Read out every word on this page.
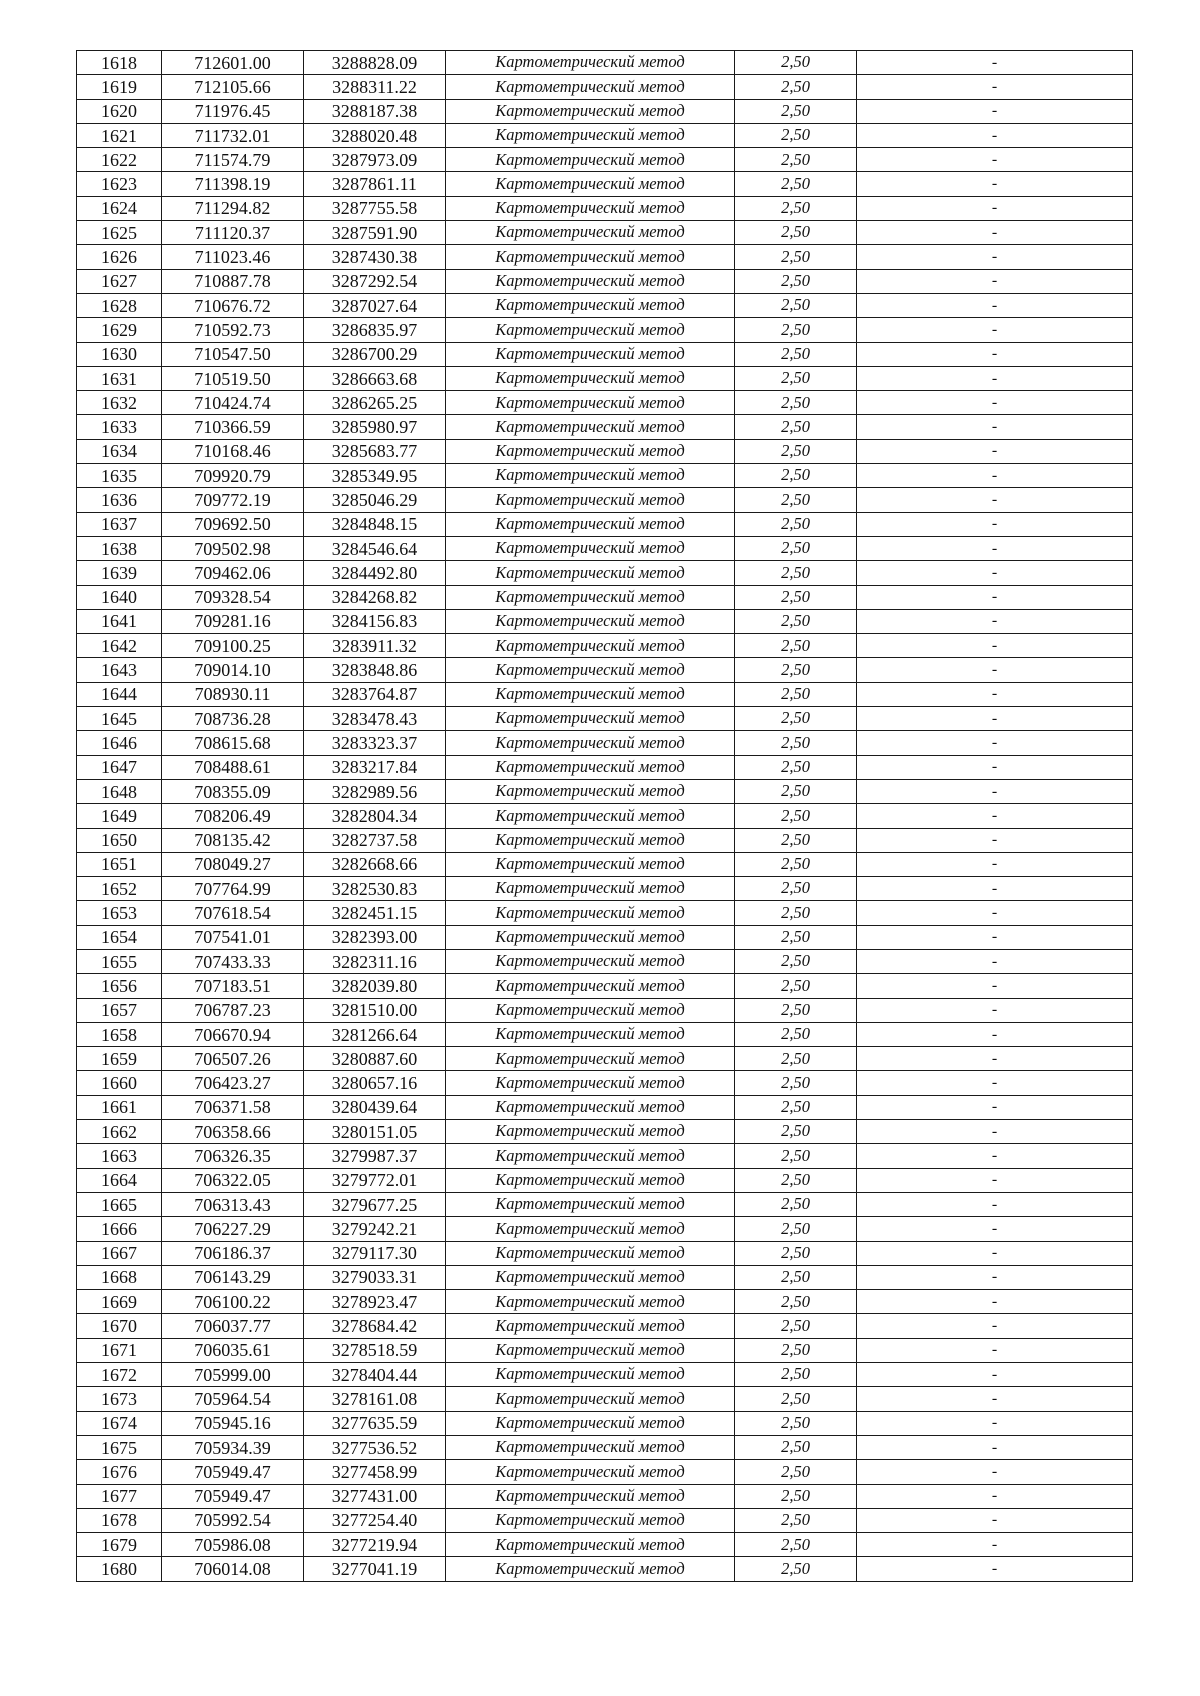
1618	712601.00	3288828.09	Картометрический метод	2,50	-
1619	712105.66	3288311.22	Картометрический метод	2,50	-
1620	711976.45	3288187.38	Картометрический метод	2,50	-
1621	711732.01	3288020.48	Картометрический метод	2,50	-
1622	711574.79	3287973.09	Картометрический метод	2,50	-
1623	711398.19	3287861.11	Картометрический метод	2,50	-
1624	711294.82	3287755.58	Картометрический метод	2,50	-
1625	711120.37	3287591.90	Картометрический метод	2,50	-
1626	711023.46	3287430.38	Картометрический метод	2,50	-
1627	710887.78	3287292.54	Картометрический метод	2,50	-
1628	710676.72	3287027.64	Картометрический метод	2,50	-
1629	710592.73	3286835.97	Картометрический метод	2,50	-
1630	710547.50	3286700.29	Картометрический метод	2,50	-
1631	710519.50	3286663.68	Картометрический метод	2,50	-
1632	710424.74	3286265.25	Картометрический метод	2,50	-
1633	710366.59	3285980.97	Картометрический метод	2,50	-
1634	710168.46	3285683.77	Картометрический метод	2,50	-
1635	709920.79	3285349.95	Картометрический метод	2,50	-
1636	709772.19	3285046.29	Картометрический метод	2,50	-
1637	709692.50	3284848.15	Картометрический метод	2,50	-
1638	709502.98	3284546.64	Картометрический метод	2,50	-
1639	709462.06	3284492.80	Картометрический метод	2,50	-
1640	709328.54	3284268.82	Картометрический метод	2,50	-
1641	709281.16	3284156.83	Картометрический метод	2,50	-
1642	709100.25	3283911.32	Картометрический метод	2,50	-
1643	709014.10	3283848.86	Картометрический метод	2,50	-
1644	708930.11	3283764.87	Картометрический метод	2,50	-
1645	708736.28	3283478.43	Картометрический метод	2,50	-
1646	708615.68	3283323.37	Картометрический метод	2,50	-
1647	708488.61	3283217.84	Картометрический метод	2,50	-
1648	708355.09	3282989.56	Картометрический метод	2,50	-
1649	708206.49	3282804.34	Картометрический метод	2,50	-
1650	708135.42	3282737.58	Картометрический метод	2,50	-
1651	708049.27	3282668.66	Картометрический метод	2,50	-
1652	707764.99	3282530.83	Картометрический метод	2,50	-
1653	707618.54	3282451.15	Картометрический метод	2,50	-
1654	707541.01	3282393.00	Картометрический метод	2,50	-
1655	707433.33	3282311.16	Картометрический метод	2,50	-
1656	707183.51	3282039.80	Картометрический метод	2,50	-
1657	706787.23	3281510.00	Картометрический метод	2,50	-
1658	706670.94	3281266.64	Картометрический метод	2,50	-
1659	706507.26	3280887.60	Картометрический метод	2,50	-
1660	706423.27	3280657.16	Картометрический метод	2,50	-
1661	706371.58	3280439.64	Картометрический метод	2,50	-
1662	706358.66	3280151.05	Картометрический метод	2,50	-
1663	706326.35	3279987.37	Картометрический метод	2,50	-
1664	706322.05	3279772.01	Картометрический метод	2,50	-
1665	706313.43	3279677.25	Картометрический метод	2,50	-
1666	706227.29	3279242.21	Картометрический метод	2,50	-
1667	706186.37	3279117.30	Картометрический метод	2,50	-
1668	706143.29	3279033.31	Картометрический метод	2,50	-
1669	706100.22	3278923.47	Картометрический метод	2,50	-
1670	706037.77	3278684.42	Картометрический метод	2,50	-
1671	706035.61	3278518.59	Картометрический метод	2,50	-
1672	705999.00	3278404.44	Картометрический метод	2,50	-
1673	705964.54	3278161.08	Картометрический метод	2,50	-
1674	705945.16	3277635.59	Картометрический метод	2,50	-
1675	705934.39	3277536.52	Картометрический метод	2,50	-
1676	705949.47	3277458.99	Картометрический метод	2,50	-
1677	705949.47	3277431.00	Картометрический метод	2,50	-
1678	705992.54	3277254.40	Картометрический метод	2,50	-
1679	705986.08	3277219.94	Картометрический метод	2,50	-
1680	706014.08	3277041.19	Картометрический метод	2,50	-
